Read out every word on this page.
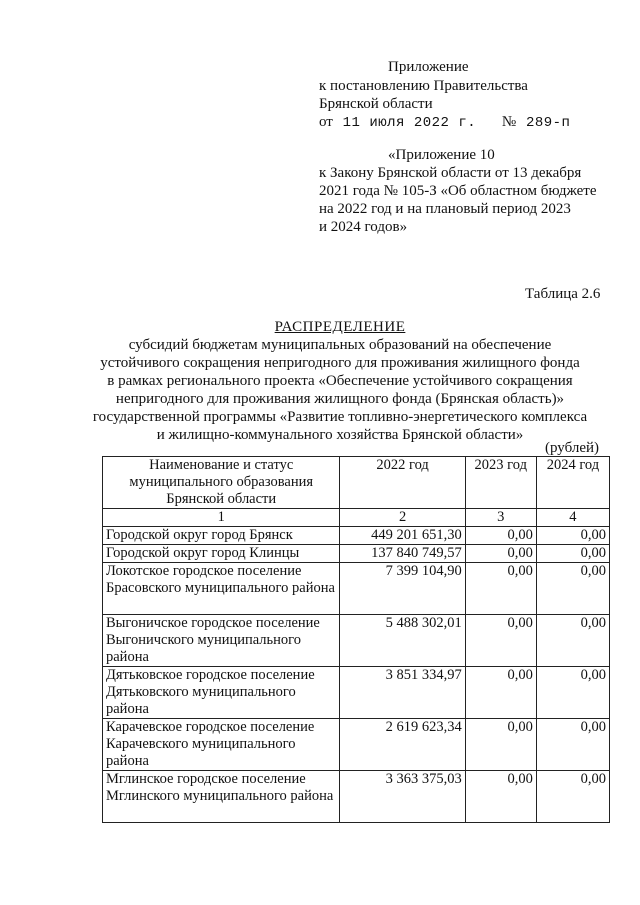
Приложение
к постановлению Правительства
Брянской области
от 11 июля 2022 г. № 289-п
«Приложение 10
к Закону Брянской области от 13 декабря
2021 года № 105-З «Об областном бюджете
на 2022 год и на плановый период 2023
и 2024 годов»
Таблица 2.6
РАСПРЕДЕЛЕНИЕ
субсидий бюджетам муниципальных образований на обеспечение
устойчивого сокращения непригодного для проживания жилищного фонда
в рамках регионального проекта «Обеспечение устойчивого сокращения
непригодного для проживания жилищного фонда (Брянская область)»
государственной программы «Развитие топливно-энергетического комплекса
и жилищно-коммунального хозяйства Брянской области»
(рублей)
Наименование и статус муниципального образования Брянской области	2022 год	2023 год	2024 год
1	2	3	4
Городской округ город Брянск	449 201 651,30	0,00	0,00
Городской округ город Клинцы	137 840 749,57	0,00	0,00
Локотское городское поселение Брасовского муниципального района	7 399 104,90	0,00	0,00
Выгоничское городское поселение Выгоничского муниципального района	5 488 302,01	0,00	0,00
Дятьковское городское поселение Дятьковского муниципального района	3 851 334,97	0,00	0,00
Карачевское городское поселение Карачевского муниципального района	2 619 623,34	0,00	0,00
Мглинское городское поселение Мглинского муниципального района	3 363 375,03	0,00	0,00
